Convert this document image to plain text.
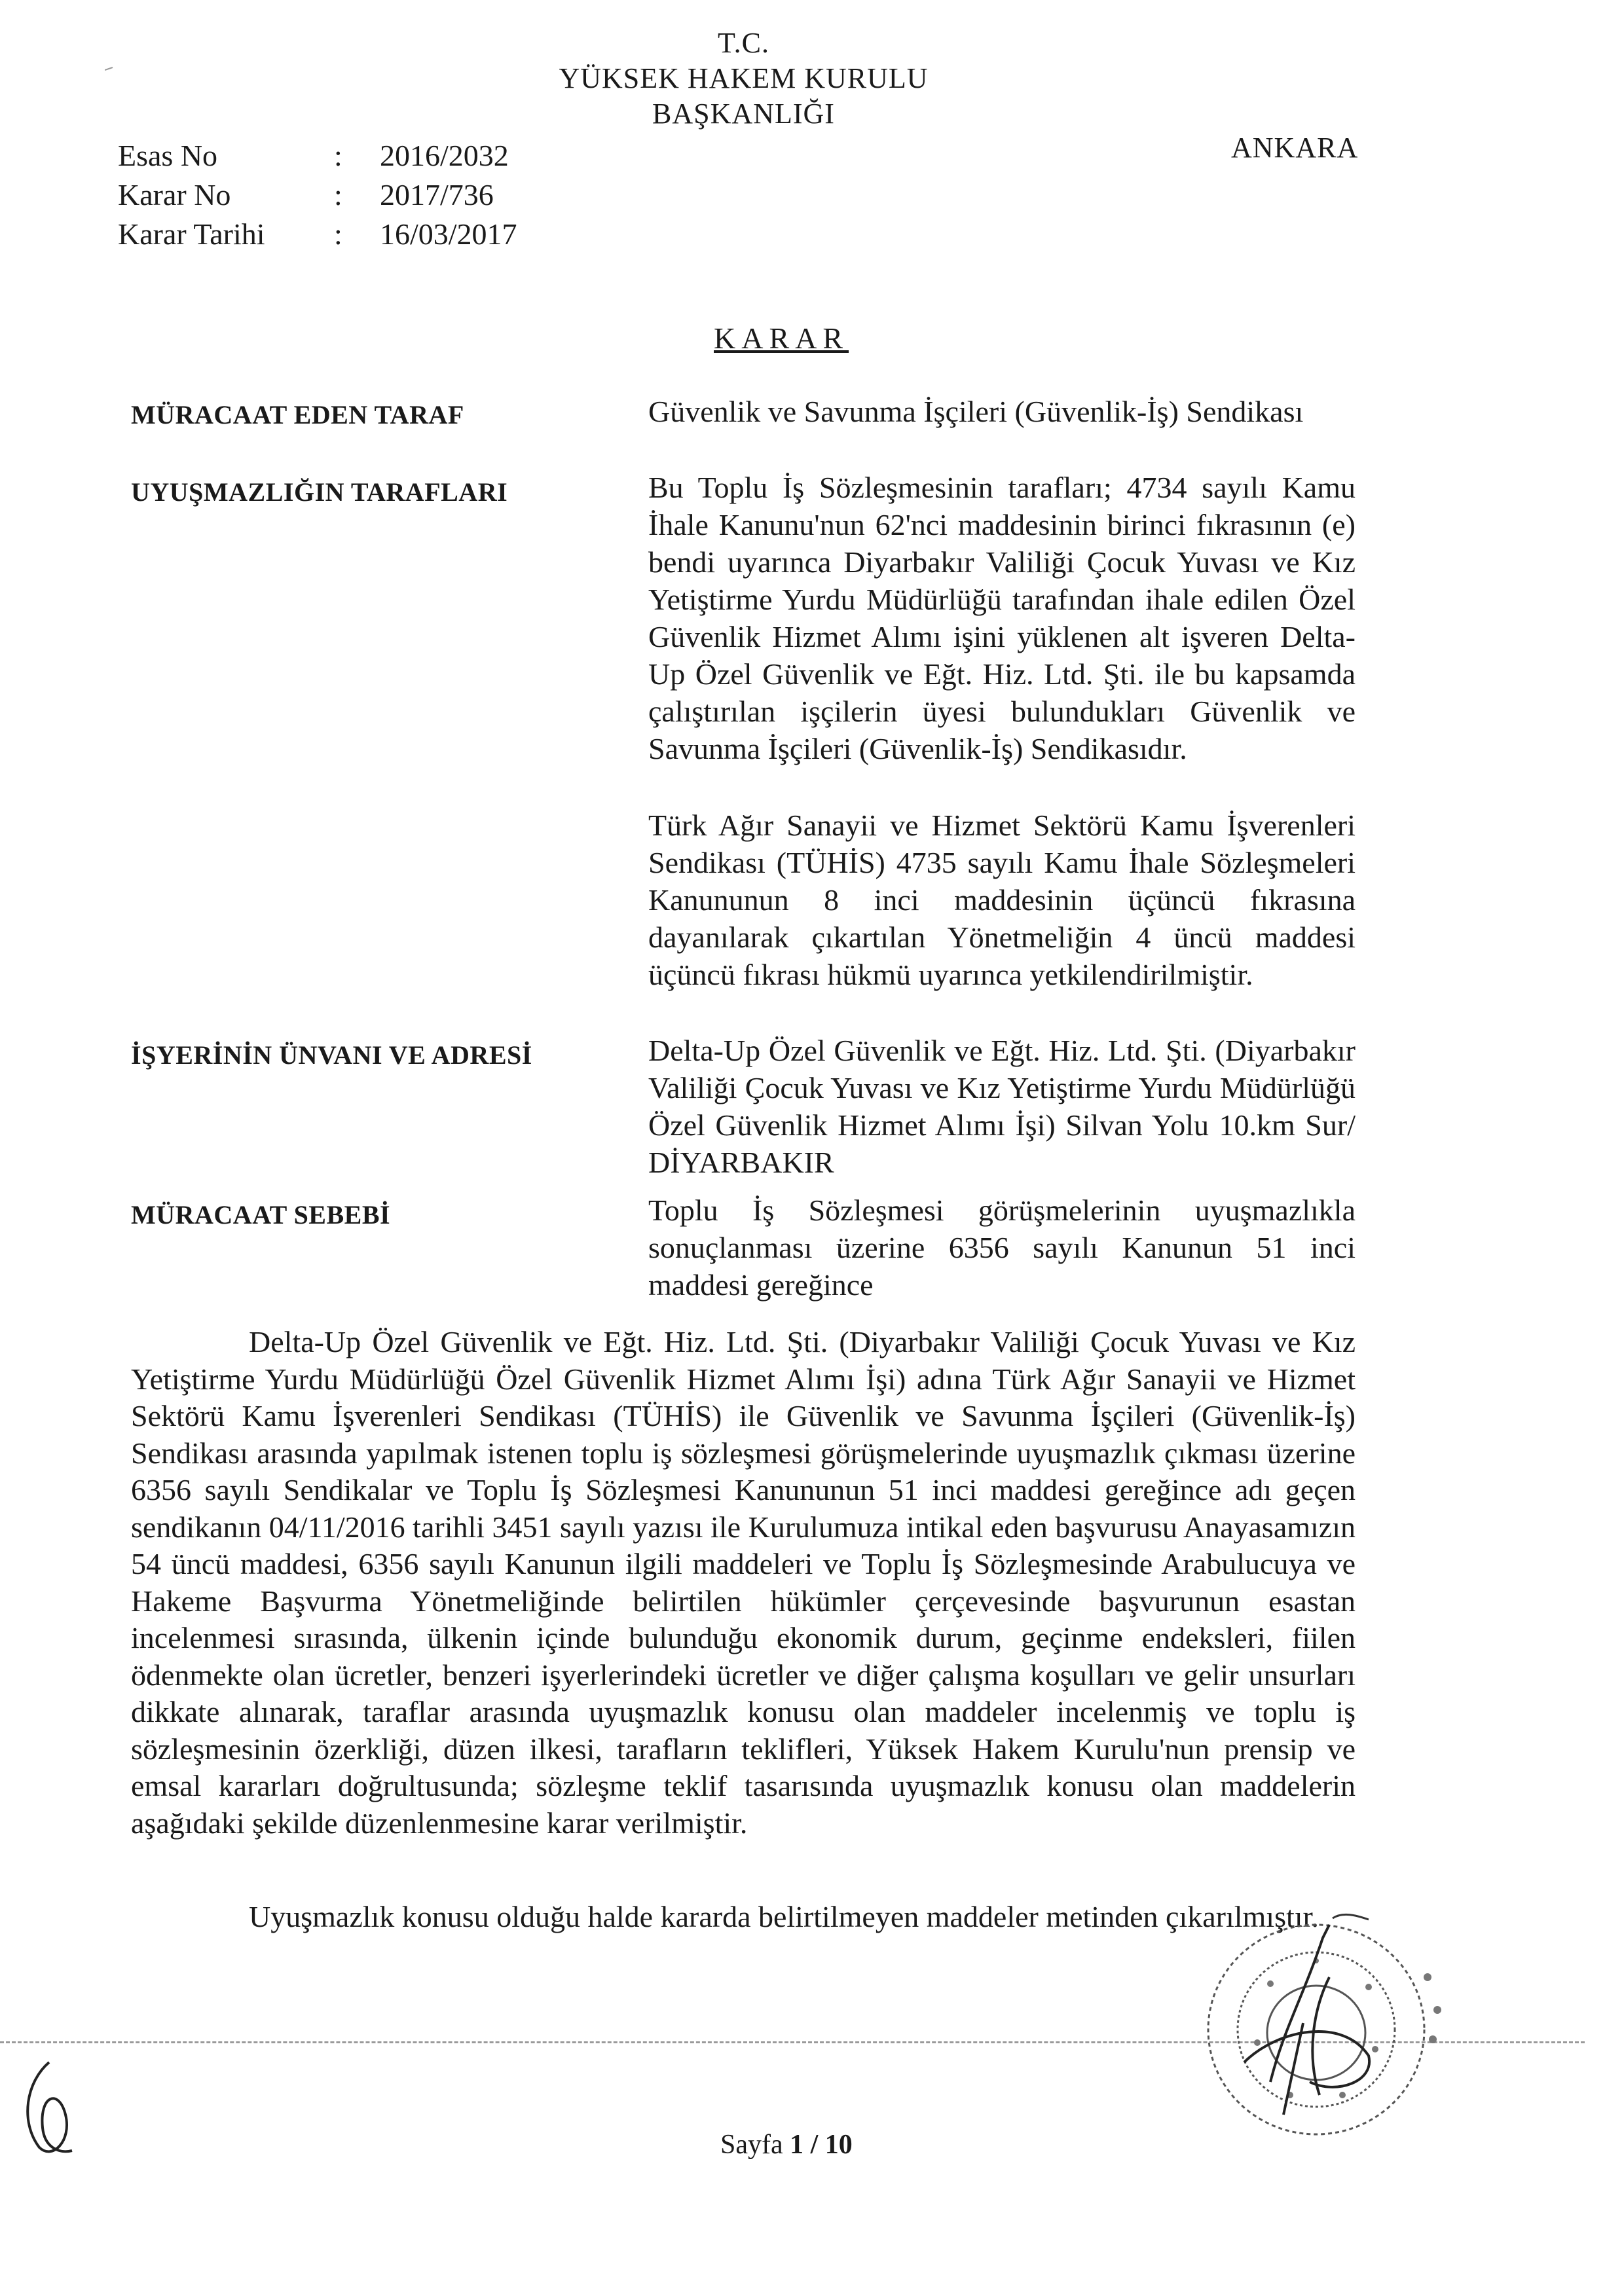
T.C.
YÜKSEK HAKEM KURULU
BAŞKANLIĞI
ANKARA
Esas No	: 2016/2032
Karar No	: 2017/736
Karar Tarihi : 16/03/2017
KARAR
MÜRACAAT EDEN TARAF	Güvenlik ve Savunma İşçileri (Güvenlik-İş) Sendikası
UYUŞMAZLIĞIN TARAFLARI	Bu Toplu İş Sözleşmesinin tarafları; 4734 sayılı Kamu İhale Kanunu'nun 62'nci maddesinin birinci fıkrasının (e) bendi uyarınca Diyarbakır Valiliği Çocuk Yuvası ve Kız Yetiştirme Yurdu Müdürlüğü tarafından ihale edilen Özel Güvenlik Hizmet Alımı işini yüklenen alt işveren Delta-Up Özel Güvenlik ve Eğt. Hiz. Ltd. Şti. ile bu kapsamda çalıştırılan işçilerin üyesi bulundukları Güvenlik ve Savunma İşçileri (Güvenlik-İş) Sendikasıdır.
Türk Ağır Sanayii ve Hizmet Sektörü Kamu İşverenleri Sendikası (TÜHİS) 4735 sayılı Kamu İhale Sözleşmeleri Kanununun 8 inci maddesinin üçüncü fıkrasına dayanılarak çıkartılan Yönetmeliğin 4 üncü maddesi üçüncü fıkrası hükmü uyarınca yetkilendirilmiştir.
İŞYERİNİN ÜNVANI VE ADRESİ	Delta-Up Özel Güvenlik ve Eğt. Hiz. Ltd. Şti. (Diyarbakır Valiliği Çocuk Yuvası ve Kız Yetiştirme Yurdu Müdürlüğü Özel Güvenlik Hizmet Alımı İşi) Silvan Yolu 10.km Sur/ DİYARBAKIR
MÜRACAAT SEBEBİ	Toplu İş Sözleşmesi görüşmelerinin uyuşmazlıkla sonuçlanması üzerine 6356 sayılı Kanunun 51 inci maddesi gereğince
Delta-Up Özel Güvenlik ve Eğt. Hiz. Ltd. Şti. (Diyarbakır Valiliği Çocuk Yuvası ve Kız Yetiştirme Yurdu Müdürlüğü Özel Güvenlik Hizmet Alımı İşi) adına Türk Ağır Sanayii ve Hizmet Sektörü Kamu İşverenleri Sendikası (TÜHİS) ile Güvenlik ve Savunma İşçileri (Güvenlik-İş) Sendikası arasında yapılmak istenen toplu iş sözleşmesi görüşmelerinde uyuşmazlık çıkması üzerine 6356 sayılı Sendikalar ve Toplu İş Sözleşmesi Kanununun 51 inci maddesi gereğince adı geçen sendikanın 04/11/2016 tarihli 3451 sayılı yazısı ile Kurulumuza intikal eden başvurusu Anayasamızın 54 üncü maddesi, 6356 sayılı Kanunun ilgili maddeleri ve Toplu İş Sözleşmesinde Arabulucuya ve Hakeme Başvurma Yönetmeliğinde belirtilen hükümler çerçevesinde başvurunun esastan incelenmesi sırasında, ülkenin içinde bulunduğu ekonomik durum, geçinme endeksleri, fiilen ödenmekte olan ücretler, benzeri işyerlerindeki ücretler ve diğer çalışma koşulları ve gelir unsurları dikkate alınarak, taraflar arasında uyuşmazlık konusu olan maddeler incelenmiş ve toplu iş sözleşmesinin özerkliği, düzen ilkesi, tarafların teklifleri, Yüksek Hakem Kurulu'nun prensip ve emsal kararları doğrultusunda; sözleşme teklif tasarısında uyuşmazlık konusu olan maddelerin aşağıdaki şekilde düzenlenmesine karar verilmiştir.
Uyuşmazlık konusu olduğu halde kararda belirtilmeyen maddeler metinden çıkarılmıştır.
Sayfa 1 / 10
